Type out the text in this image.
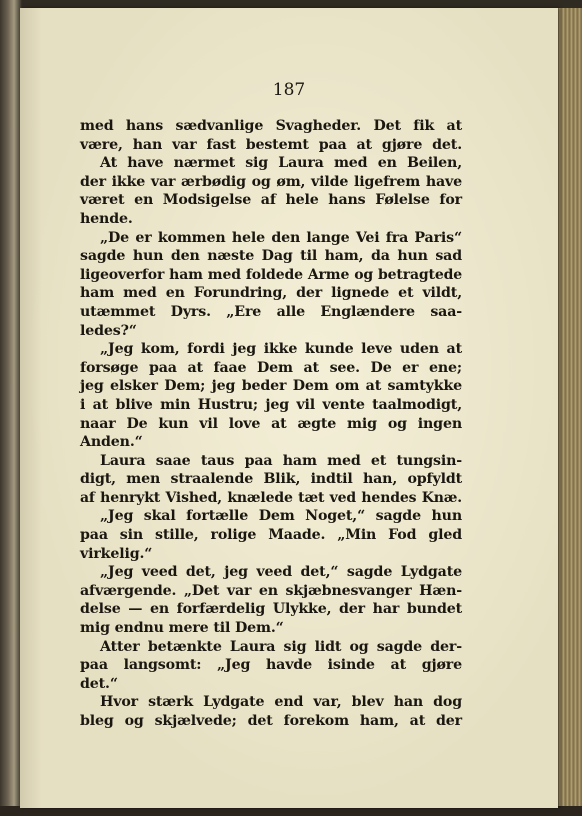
187
med hans sædvanlige Svagheder. Det fik at
være, han var fast bestemt paa at gjøre det.
At have nærmet sig Laura med en Beilen,
der ikke var ærbødig og øm, vilde ligefrem have
været en Modsigelse af hele hans Følelse for
hende.
„De er kommen hele den lange Vei fra Paris“
sagde hun den næste Dag til ham, da hun sad
ligeoverfor ham med foldede Arme og betragtede
ham med en Forundring, der lignede et vildt,
utæmmet Dyrs. „Ere alle Englændere saa-
ledes?“
„Jeg kom, fordi jeg ikke kunde leve uden at
forsøge paa at faae Dem at see. De er ene;
jeg elsker Dem; jeg beder Dem om at samtykke
i at blive min Hustru; jeg vil vente taalmodigt,
naar De kun vil love at ægte mig og ingen
Anden.“
Laura saae taus paa ham med et tungsin-
digt, men straalende Blik, indtil han, opfyldt
af henrykt Vished, knælede tæt ved hendes Knæ.
„Jeg skal fortælle Dem Noget,“ sagde hun
paa sin stille, rolige Maade. „Min Fod gled
virkelig.“
„Jeg veed det, jeg veed det,“ sagde Lydgate
afværgende. „Det var en skjæbnesvanger Hæn-
delse — en forfærdelig Ulykke, der har bundet
mig endnu mere til Dem.“
Atter betænkte Laura sig lidt og sagde der-
paa langsomt: „Jeg havde isinde at gjøre
det.“
Hvor stærk Lydgate end var, blev han dog
bleg og skjælvede; det forekom ham, at der
